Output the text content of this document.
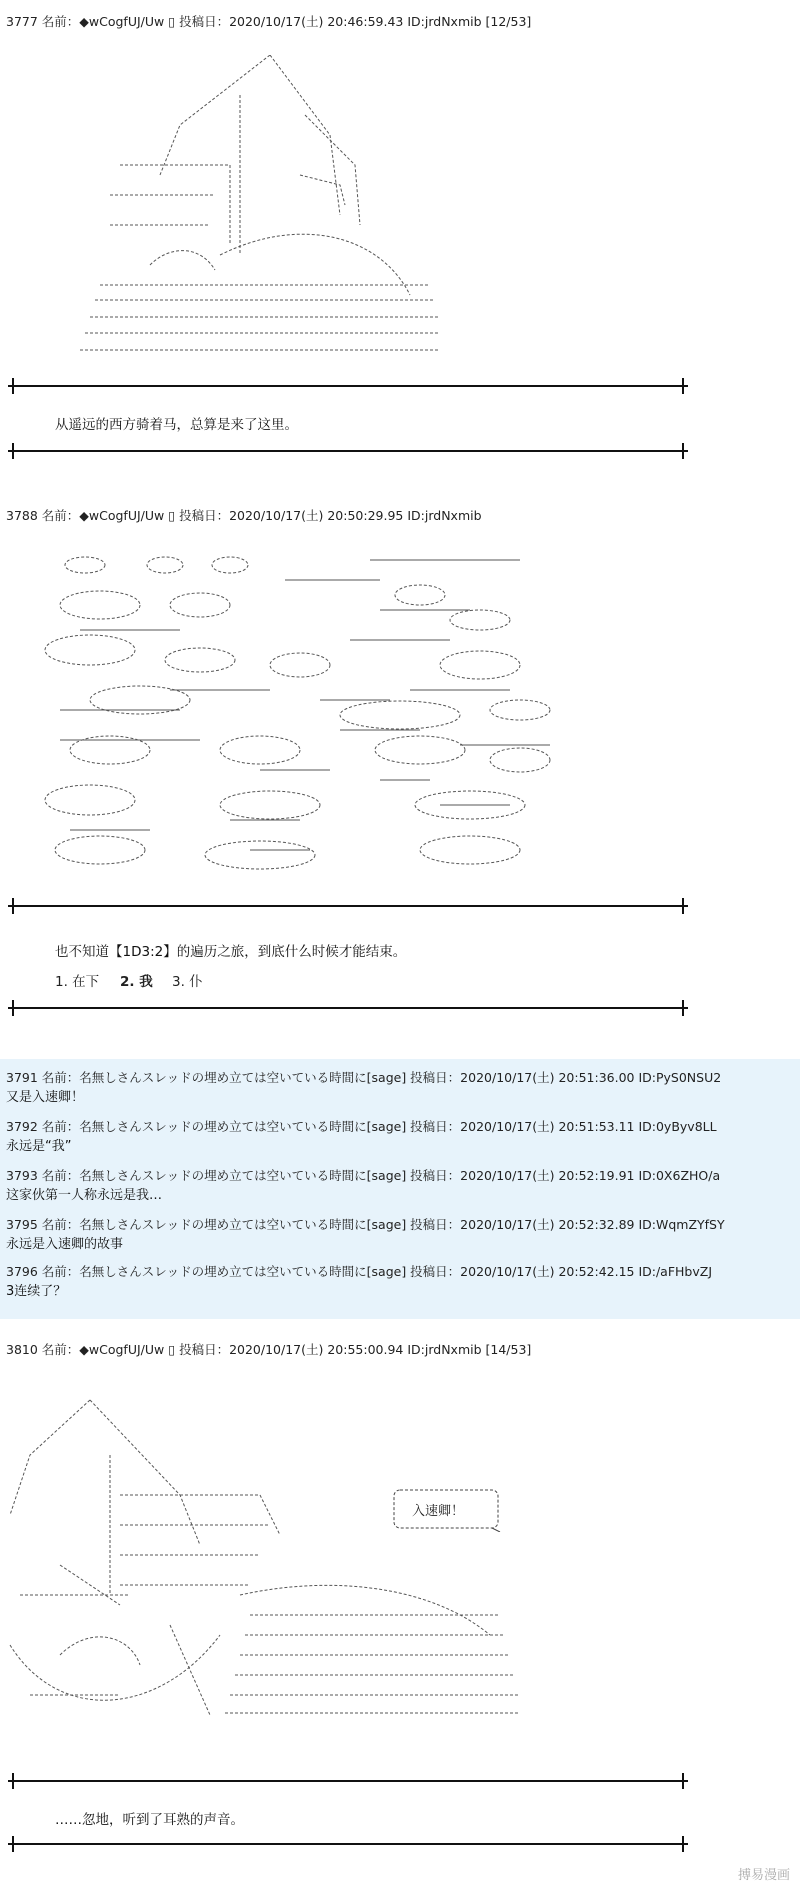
3777 名前：◆wCogfUJ/Uw ▯ 投稿日：2020/10/17(土) 20:46:59.43 ID:jrdNxmib [12/53]
从遥远的西方骑着马，总算是来了这里。
3788 名前：◆wCogfUJ/Uw ▯ 投稿日：2020/10/17(土) 20:50:29.95 ID:jrdNxmib
也不知道【1D3:2】的遍历之旅，到底什么时候才能结束。
1. 在下 2. 我 3. 仆
3791 名前：名無しさんスレッドの埋め立ては空いている時間に[sage] 投稿日：2020/10/17(土) 20:51:36.00 ID:PyS0NSU2
又是入速卿！
3792 名前：名無しさんスレッドの埋め立ては空いている時間に[sage] 投稿日：2020/10/17(土) 20:51:53.11 ID:0yByv8LL
永远是“我”
3793 名前：名無しさんスレッドの埋め立ては空いている時間に[sage] 投稿日：2020/10/17(土) 20:52:19.91 ID:0X6ZHO/a
这家伙第一人称永远是我…
3795 名前：名無しさんスレッドの埋め立ては空いている時間に[sage] 投稿日：2020/10/17(土) 20:52:32.89 ID:WqmZYfSY
永远是入速卿的故事
3796 名前：名無しさんスレッドの埋め立ては空いている時間に[sage] 投稿日：2020/10/17(土) 20:52:42.15 ID:/aFHbvZJ
3连续了？
3810 名前：◆wCogfUJ/Uw ▯ 投稿日：2020/10/17(土) 20:55:00.94 ID:jrdNxmib [14/53]
入速卿！
……忽地，听到了耳熟的声音。
搏易漫画
